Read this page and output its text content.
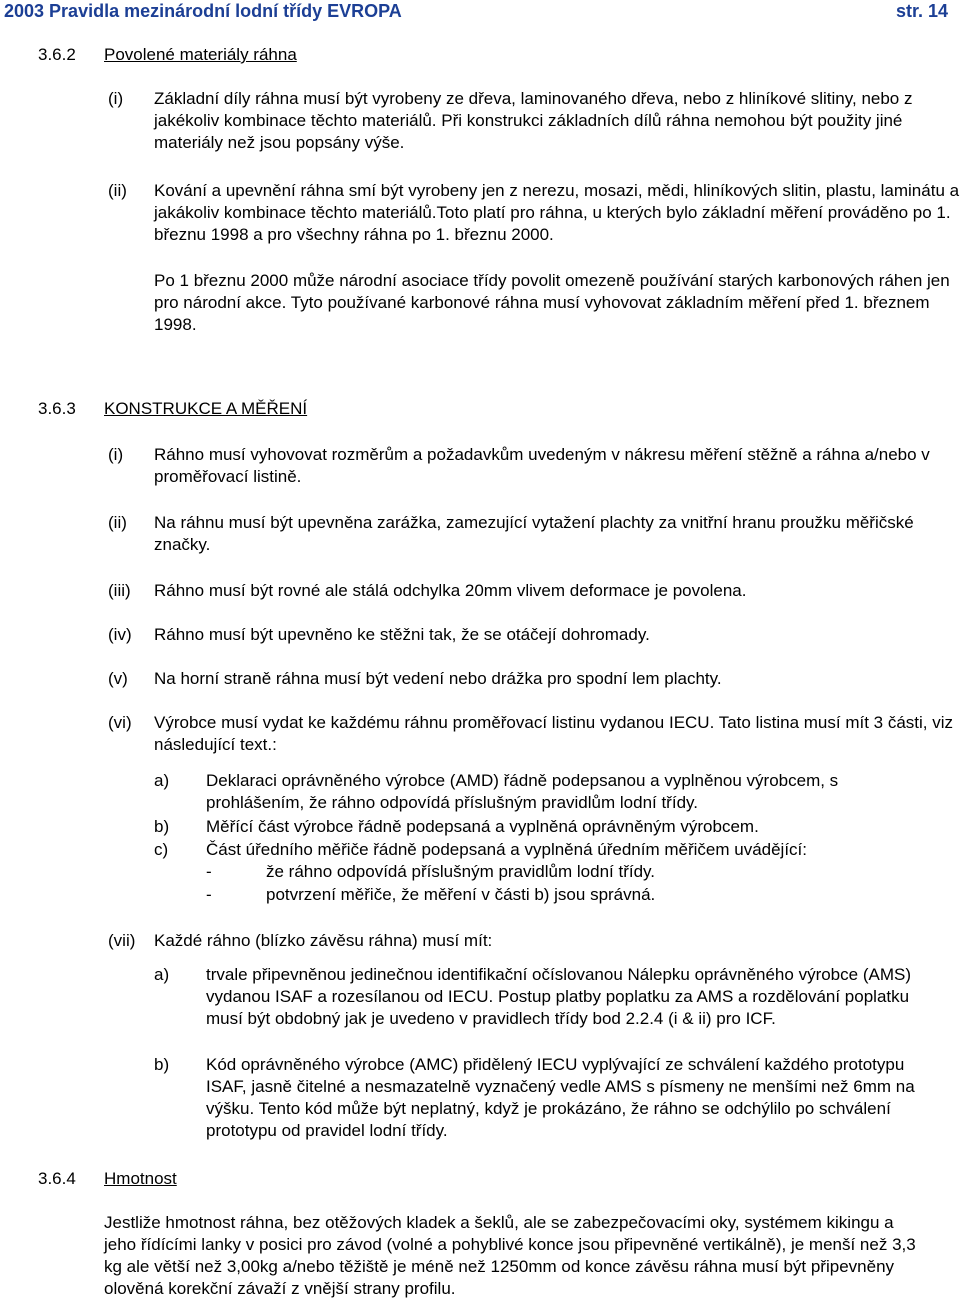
2003 Pravidla mezinárodní lodní třídy EVROPA	str. 14
3.6.2 Povolené materiály ráhna
(i) Základní díly ráhna musí být vyrobeny ze dřeva, laminovaného dřeva, nebo z hliníkové slitiny, nebo z jakékoliv kombinace těchto materiálů. Při konstrukci základních dílů ráhna nemohou být použity jiné materiály než jsou popsány výše.
(ii) Kování a upevnění ráhna smí být vyrobeny jen z nerezu, mosazi, mědi, hliníkových slitin, plastu, laminátu a jakákoliv kombinace těchto materiálů.Toto platí pro ráhna, u kterých bylo základní měření prováděno po 1. březnu 1998 a pro všechny ráhna po 1. březnu 2000.
Po 1 březnu 2000 může národní asociace třídy povolit omezeně používání starých karbonových ráhen jen pro národní akce. Tyto používané karbonové ráhna musí vyhovovat základním měření před 1. březnem 1998.
3.6.3 KONSTRUKCE A MĚŘENÍ
(i) Ráhno musí vyhovovat rozměrům a požadavkům uvedeným v nákresu měření stěžně a ráhna a/nebo v proměřovací listině.
(ii) Na ráhnu musí být upevněna zarážka, zamezující vytažení plachty za vnitřní hranu proužku měřičské značky.
(iii) Ráhno musí být rovné ale stálá odchylka 20mm vlivem deformace je povolena.
(iv) Ráhno musí být upevněno ke stěžni tak, že se otáčejí dohromady.
(v) Na horní straně ráhna musí být vedení nebo drážka pro spodní lem plachty.
(vi) Výrobce musí vydat ke každému ráhnu proměřovací listinu vydanou IECU. Tato listina musí mít 3 části, viz následující text.:
a) Deklaraci oprávněného výrobce (AMD) řádně podepsanou a vyplněnou výrobcem, s prohlášením, že ráhno odpovídá příslušným pravidlům lodní třídy.
b) Měřící část výrobce řádně podepsaná a vyplněná oprávněným výrobcem.
c) Část úředního měřiče řádně podepsaná a vyplněná úředním měřičem uvádějící:
-	že ráhno odpovídá příslušným pravidlům lodní třídy.
-	potvrzení měřiče, že měření v části b) jsou správná.
(vii) Každé ráhno (blízko závěsu ráhna) musí mít:
a) trvale připevněnou jedinečnou identifikační očíslovanou Nálepku oprávněného výrobce (AMS) vydanou ISAF a rozesílanou od IECU. Postup platby poplatku za AMS a rozdělování poplatku musí být obdobný jak je uvedeno v pravidlech třídy bod 2.2.4 (i & ii) pro ICF.
b) Kód oprávněného výrobce (AMC) přidělený IECU vyplývající ze schválení každého prototypu ISAF, jasně čitelné a nesmazatelně vyznačený vedle AMS s písmeny ne menšími než 6mm na výšku. Tento kód může být neplatný, když je prokázáno, že ráhno se odchýlilo po schválení prototypu od pravidel lodní třídy.
3.6.4 Hmotnost
Jestliže hmotnost ráhna, bez otěžových kladek a šeklů, ale se zabezpečovacími oky, systémem kikingu a jeho řídícími lanky v posici pro závod (volné a pohyblivé konce jsou připevněné vertikálně), je menší než 3,3 kg ale větší než 3,00kg a/nebo těžiště je méně než 1250mm od konce závěsu ráhna musí být připevněny olověná korekční závaží z vnější strany profilu.
